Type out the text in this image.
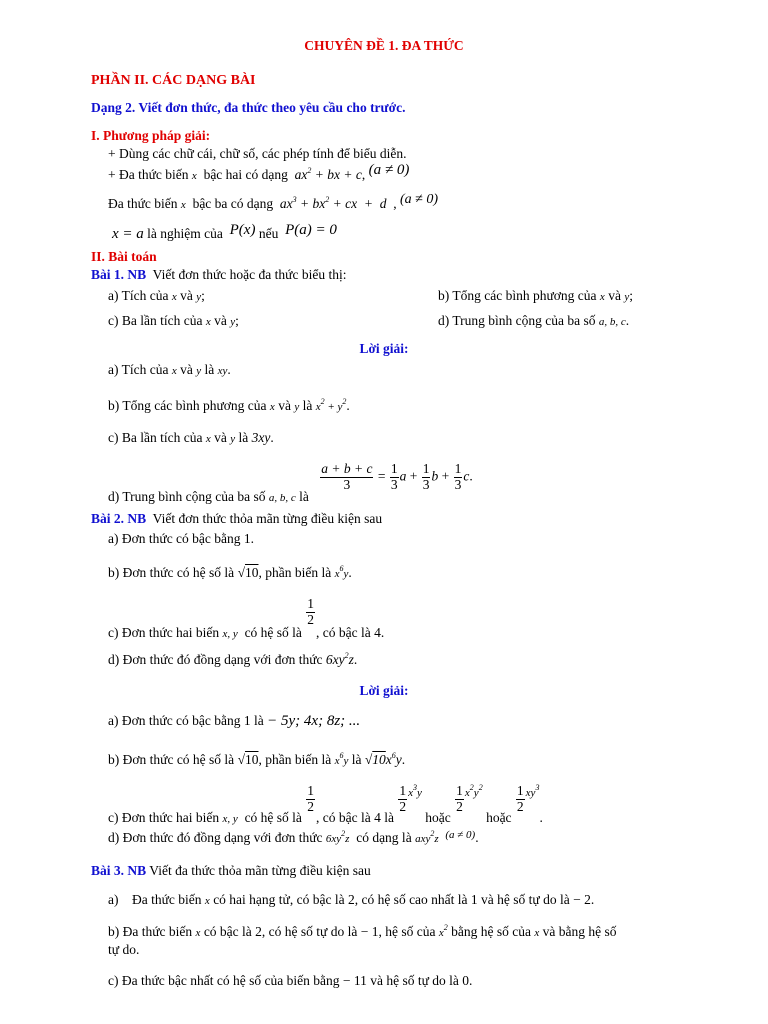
CHUYÊN ĐỀ 1. ĐA THỨC
PHẦN II. CÁC DẠNG BÀI
Dạng 2. Viết đơn thức, đa thức theo yêu cầu cho trước.
I. Phương pháp giải:
+ Dùng các chữ cái, chữ số, các phép tính để biểu diễn.
+ Đa thức biến x bậc hai có dạng $ax^2$ + bx + c, (a ≠ 0)
Đa thức biến x bậc ba có dạng $ax^3 + bx^2$ + cx  +  d  , (a ≠ 0)
x = a là nghiệm của P(x) nếu P(a) = 0
II. Bài toán
Bài 1. NB Viết đơn thức hoặc đa thức biểu thị:
a) Tích của x và y;	b) Tổng các bình phương của x và y;
c) Ba lần tích của x và y;	d) Trung bình cộng của ba số a, b, c.
Lời giải:
a) Tích của x và y là xy.
b) Tổng các bình phương của x và y là $x^2 + y^2$.
c) Ba lần tích của x và y là 3xy.
d) Trung bình cộng của ba số a, b, c là
$\frac{a + b + c}{3} = \frac{1}{3}$ $a + \frac{1}{3}$ $b + \frac{1}{3} c$.
Bài 2. NB Viết đơn thức thỏa mãn từng điều kiện sau
a) Đơn thức có bậc bằng 1.
b) Đơn thức có hệ số là √10, phần biến là $x^6y$.
c) Đơn thức hai biến x, y có hệ số là
$\frac{1}{2}$
, có bậc là 4.
d) Đơn thức đó đồng dạng với đơn thức $6xy^2z$.
Lời giải:
a) Đơn thức có bậc bằng 1 là − 5y; 4x; 8z; ...
b) Đơn thức có hệ số là √10, phần biến là $x^6y$ là $√10x^6y$.
c) Đơn thức hai biến x, y có hệ số là
$\frac{1}{2}$
, có bậc là 4 là
$\frac{1}{2} ^{x^3y}$ hoặc
$\frac{1}{2} ^{x^2y^2}$ hoặc
$\frac{1}{2} ^{xy^3}$.
d) Đơn thức đó đồng dạng với đơn thức $6xy^2z$ có dạng là axy$^2$z $^{(a \ne 0)}$.
Bài 3. NB Viết đa thức thỏa mãn từng điều kiện sau
a) Đa thức biến x có hai hạng tử, có bậc là 2, có hệ số cao nhất là 1 và hệ số tự do là − 2.
b) Đa thức biến x có bậc là 2, có hệ số tự do là − 1, hệ số của $x^2$ bằng hệ số của x và bằng hệ số
tự do.
c) Đa thức bậc nhất có hệ số của biến bằng − 11 và hệ số tự do là 0.
